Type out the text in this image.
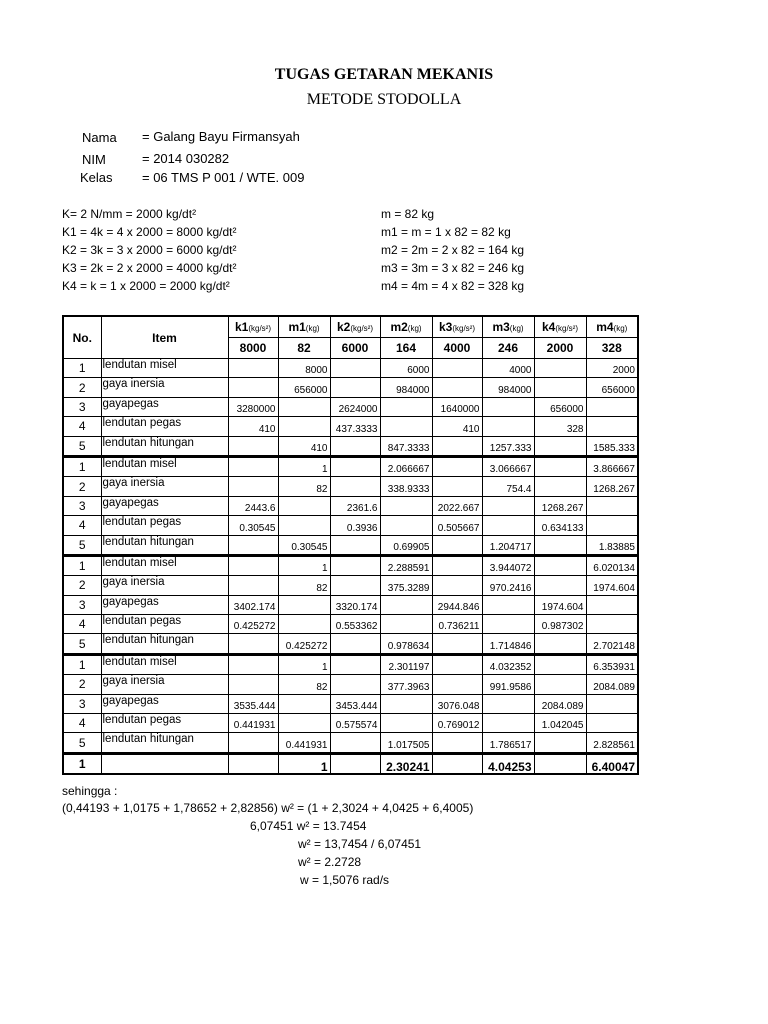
TUGAS GETARAN MEKANIS
METODE STODOLLA
Nama = Galang Bayu Firmansyah
NIM	= 2014 030282
Kelas = 06 TMS P 001 / WTE. 009
K= 2 N/mm = 2000 kg/dt²
K1 = 4k = 4 x 2000 = 8000 kg/dt²
K2 = 3k = 3 x 2000 = 6000 kg/dt²
K3 = 2k = 2 x 2000 = 4000 kg/dt²
K4 = k = 1 x 2000 = 2000 kg/dt²
m = 82 kg
m1 = m = 1 x 82 = 82 kg
m2 = 2m = 2 x 82 = 164 kg
m3 = 3m = 3 x 82 = 246 kg
m4 = 4m = 4 x 82 = 328 kg
No.	Item	k1(kg/s²)	m1(kg)	k2(kg/s²)	m2(kg)	k3(kg/s²)	m3(kg)	k4(kg/s²)	m4(kg)
		8000	82	6000	164	4000	246	2000	328
1	lendutan misel		8000		6000		4000		2000
2	gaya inersia		656000		984000		984000		656000
3	gayapegas	3280000		2624000		1640000		656000	
4	lendutan pegas	410		437.3333		410		328	
5	lendutan hitungan		410		847.3333		1257.333		1585.333
1	lendutan misel		1		2.066667		3.066667		3.866667
2	gaya inersia		82		338.9333		754.4		1268.267
3	gayapegas	2443.6		2361.6		2022.667		1268.267	
4	lendutan pegas	0.30545		0.3936		0.505667		0.634133	
5	lendutan hitungan		0.30545		0.69905		1.204717		1.83885
1	lendutan misel		1		2.288591		3.944072		6.020134
2	gaya inersia		82		375.3289		970.2416		1974.604
3	gayapegas	3402.174		3320.174		2944.846		1974.604	
4	lendutan pegas	0.425272		0.553362		0.736211		0.987302	
5	lendutan hitungan		0.425272		0.978634		1.714846		2.702148
1	lendutan misel		1		2.301197		4.032352		6.353931
2	gaya inersia		82		377.3963		991.9586		2084.089
3	gayapegas	3535.444		3453.444		3076.048		2084.089	
4	lendutan pegas	0.441931		0.575574		0.769012		1.042045	
5	lendutan hitungan		0.441931		1.017505		1.786517		2.828561
1			1		2.30241		4.04253		6.40047
sehingga :
(0,44193 + 1,0175 + 1,78652 + 2,82856) w² = (1 + 2,3024 + 4,0425 + 6,4005)
6,07451 w² = 13.7454
w² = 13,7454 / 6,07451
w² = 2.2728
w = 1,5076 rad/s
